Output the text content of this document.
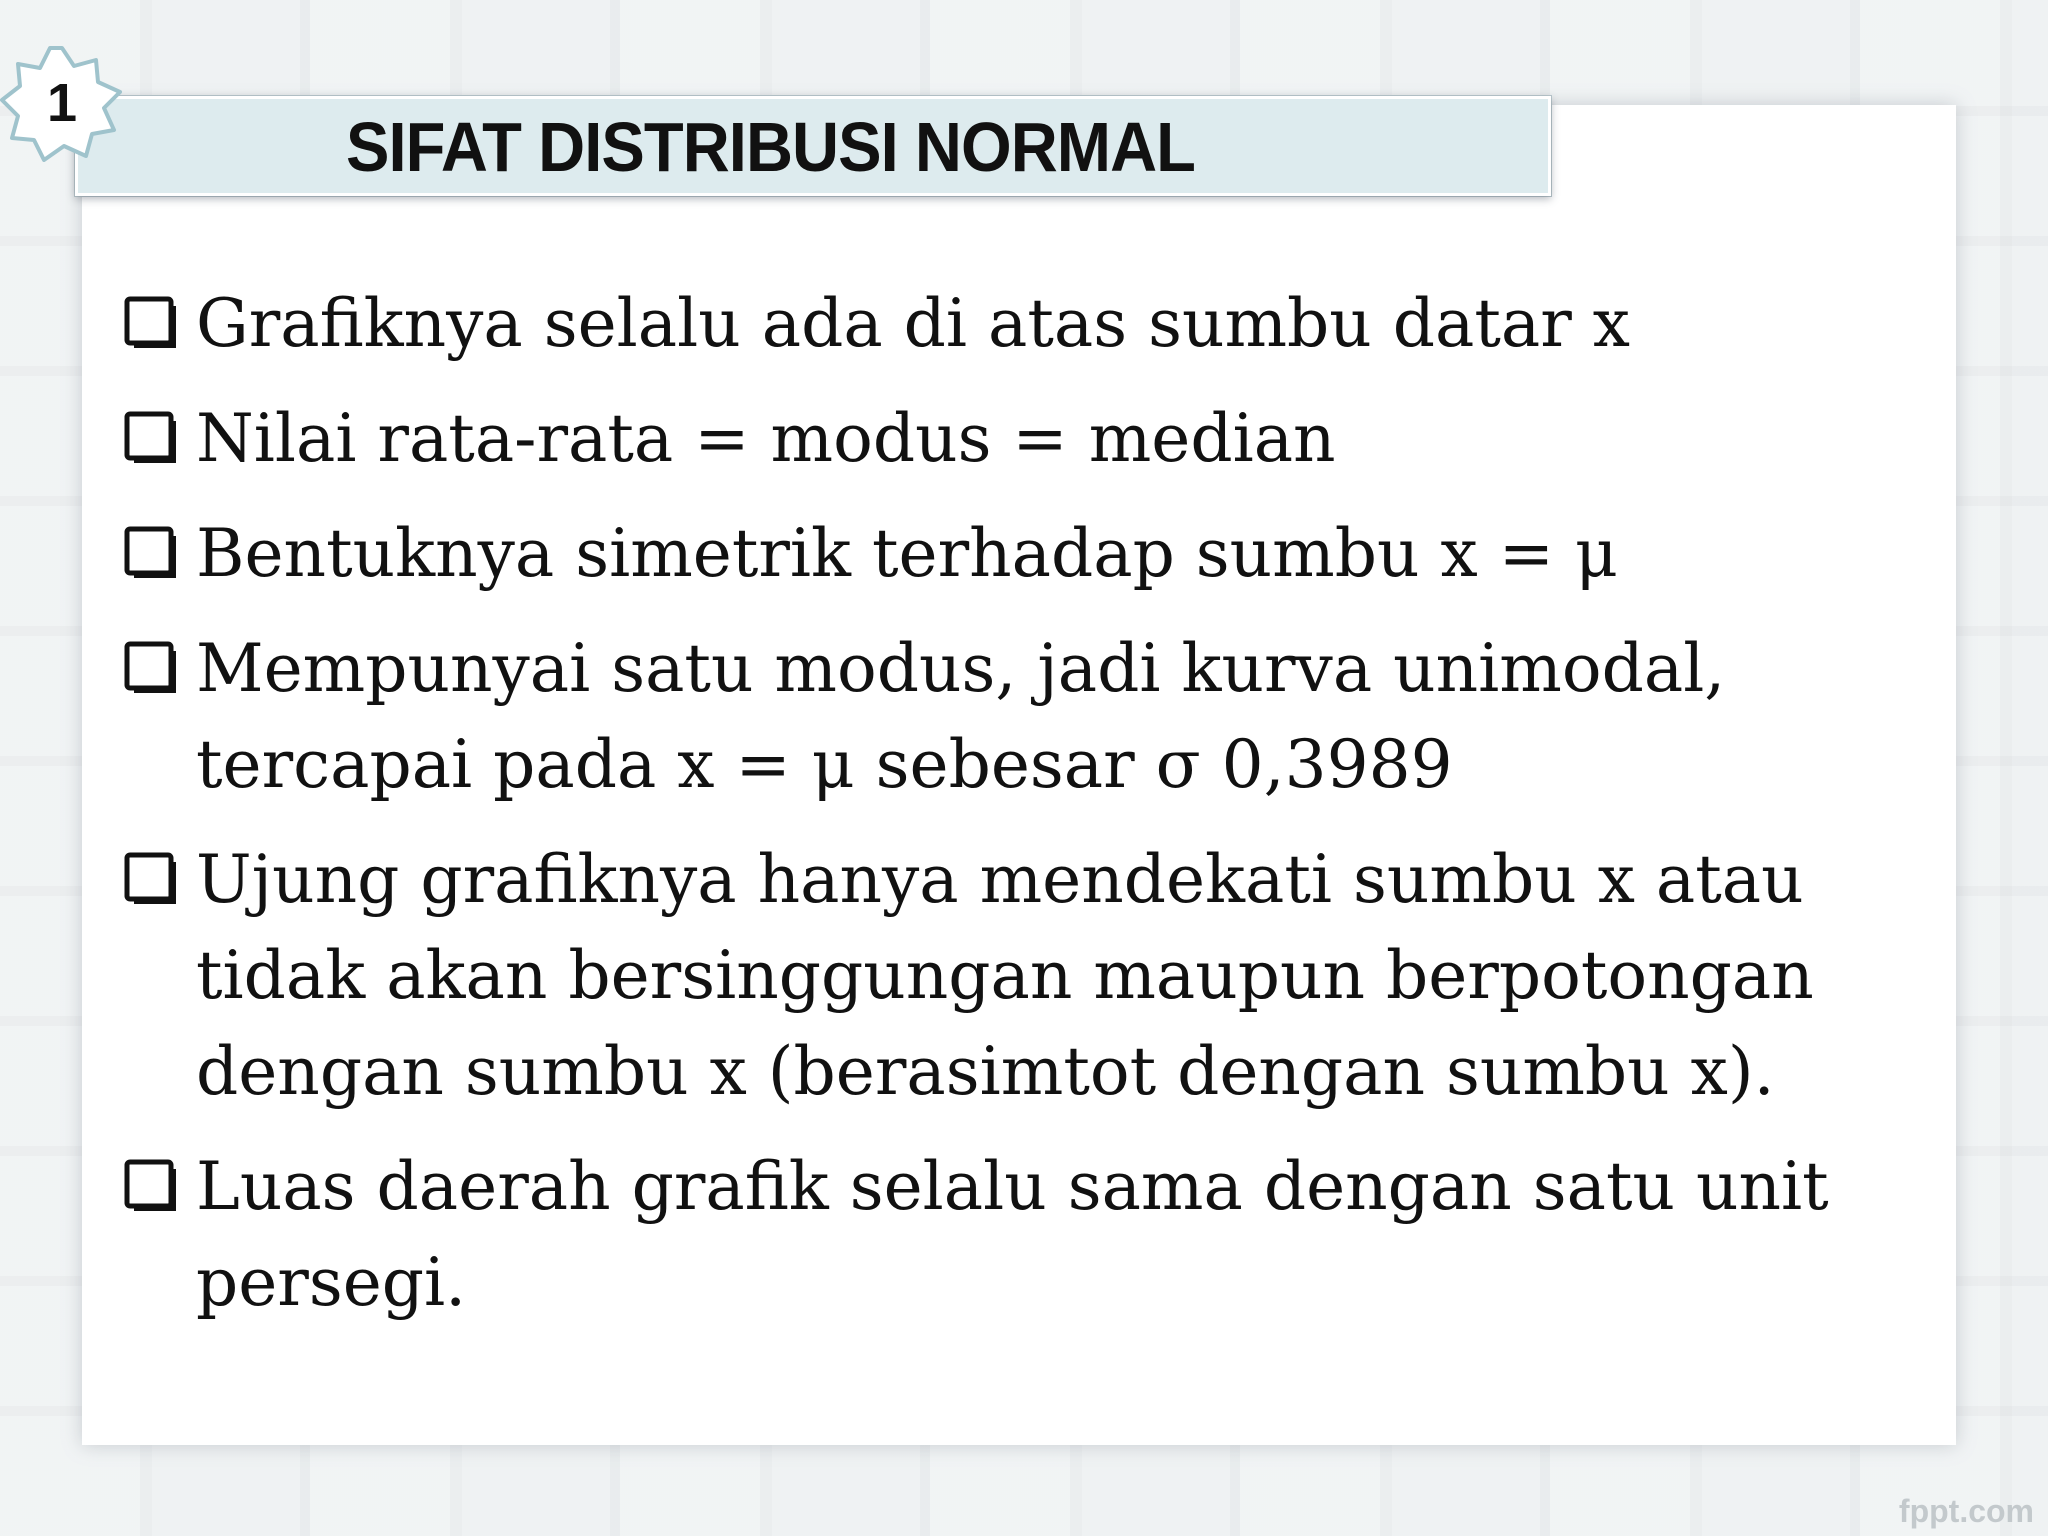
SIFAT DISTRIBUSI NORMAL
1
Grafiknya selalu ada di atas sumbu datar x
Nilai rata-rata = modus = median
Bentuknya simetrik terhadap sumbu x = μ
Mempunyai satu modus, jadi kurva unimodal,
tercapai pada x = μ sebesar σ 0,3989
Ujung grafiknya hanya mendekati sumbu x atau
tidak akan bersinggungan maupun berpotongan
dengan sumbu x (berasimtot dengan sumbu x).
Luas daerah grafik selalu sama dengan satu unit
persegi.
fppt.com
